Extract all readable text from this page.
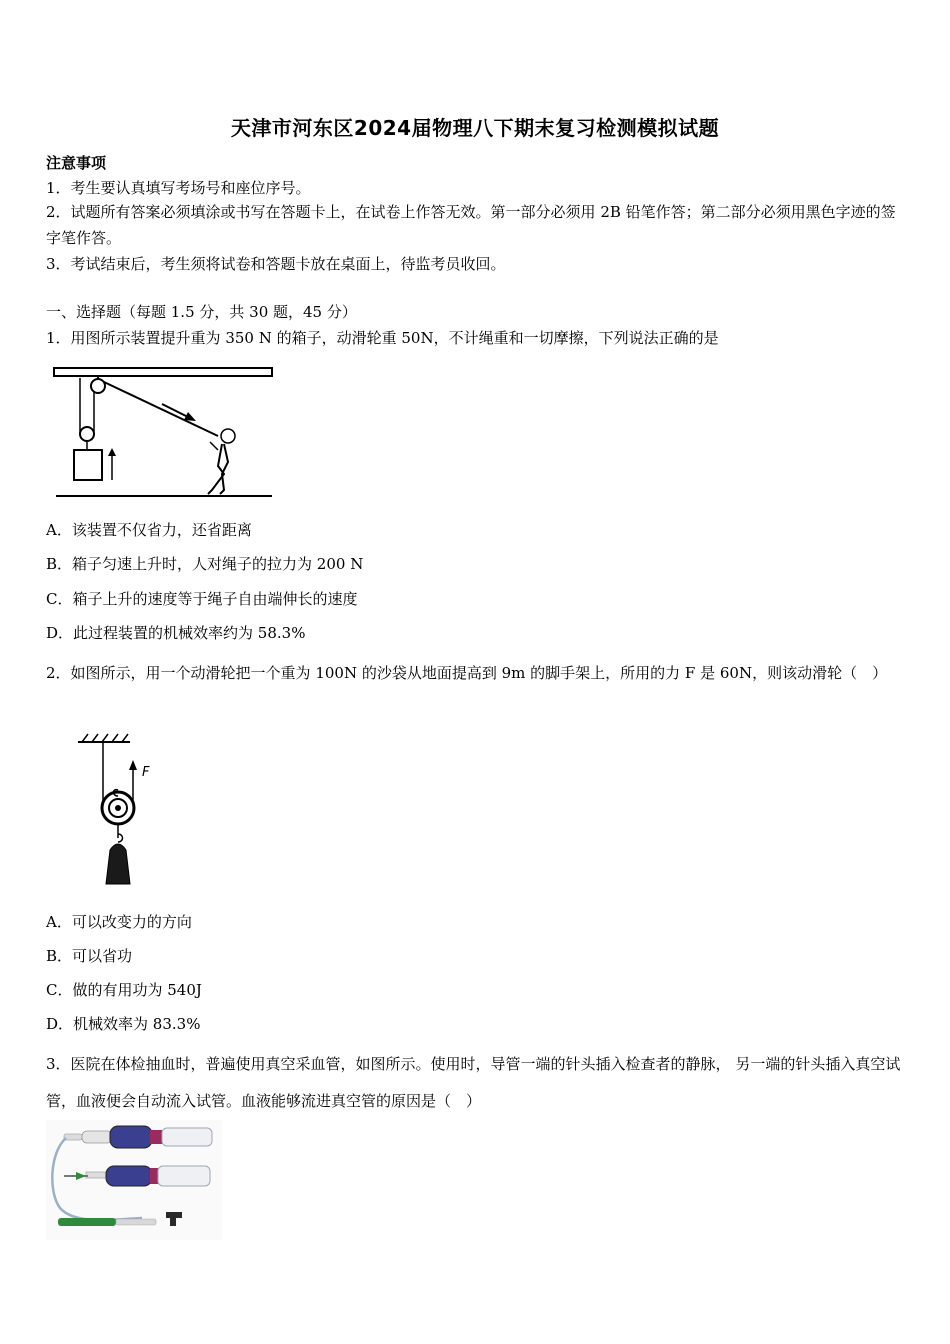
天津市河东区2024届物理八下期末复习检测模拟试题
注意事项
1．考生要认真填写考场号和座位序号。
2．试题所有答案必须填涂或书写在答题卡上，在试卷上作答无效。第一部分必须用 2B 铅笔作答；第二部分必须用黑色字迹的签字笔作答。
3．考试结束后，考生须将试卷和答题卡放在桌面上，待监考员收回。
一、选择题（每题 1.5 分，共 30 题，45 分）
1．用图所示装置提升重为 350 N 的箱子，动滑轮重 50N，不计绳重和一切摩擦，下列说法正确的是
A．该装置不仅省力，还省距离
B．箱子匀速上升时，人对绳子的拉力为 200 N
C．箱子上升的速度等于绳子自由端伸长的速度
D．此过程装置的机械效率约为 58.3%
2．如图所示，用一个动滑轮把一个重为 100N 的沙袋从地面提高到 9m 的脚手架上，所用的力 F 是 60N，则该动滑轮（　）
F
A．可以改变力的方向
B．可以省功
C．做的有用功为 540J
D．机械效率为 83.3%
3．医院在体检抽血时，普遍使用真空采血管，如图所示。使用时，导管一端的针头插入检查者的静脉， 另一端的针头插入真空试管，血液便会自动流入试管。血液能够流进真空管的原因是（　）
